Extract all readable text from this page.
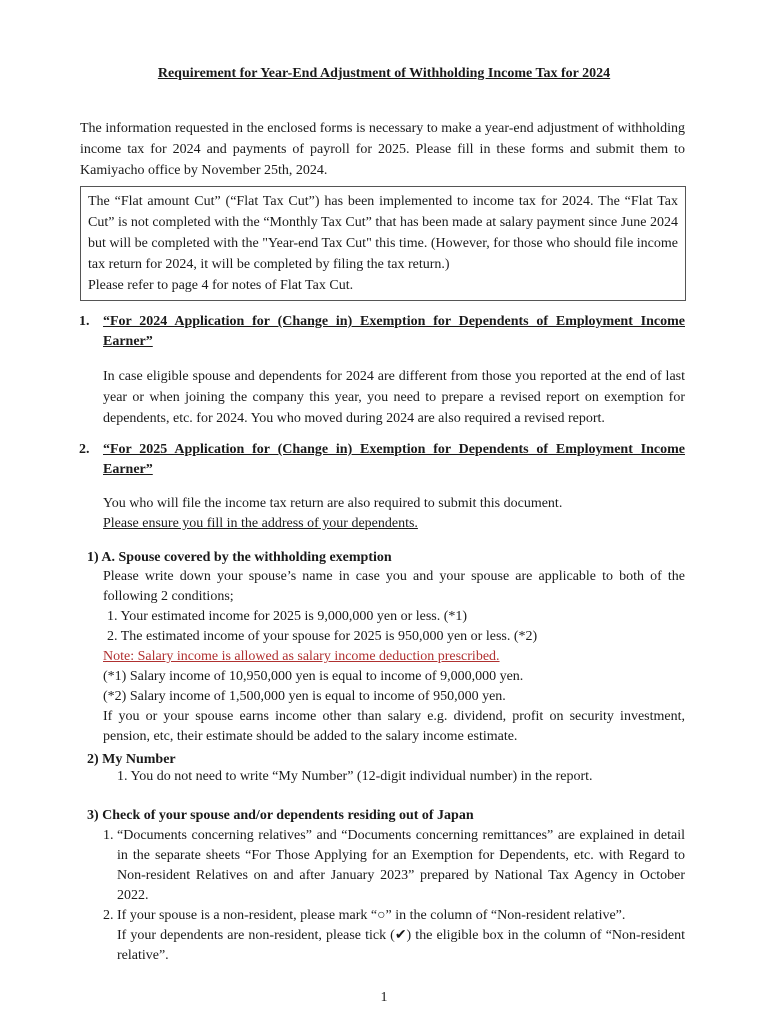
Requirement for Year-End Adjustment of Withholding Income Tax for 2024
The information requested in the enclosed forms is necessary to make a year-end adjustment of withholding income tax for 2024 and payments of payroll for 2025. Please fill in these forms and submit them to Kamiyacho office by November 25th, 2024.
The “Flat amount Cut” (“Flat Tax Cut”) has been implemented to income tax for 2024. The “Flat Tax Cut” is not completed with the “Monthly Tax Cut” that has been made at salary payment since June 2024 but will be completed with the "Year-end Tax Cut" this time. (However, for those who should file income tax return for 2024, it will be completed by filing the tax return.)
Please refer to page 4 for notes of Flat Tax Cut.
1. “For 2024 Application for (Change in) Exemption for Dependents of Employment Income Earner”
In case eligible spouse and dependents for 2024 are different from those you reported at the end of last year or when joining the company this year, you need to prepare a revised report on exemption for dependents, etc. for 2024. You who moved during 2024 are also required a revised report.
2. “For 2025 Application for (Change in) Exemption for Dependents of Employment Income Earner”
You who will file the income tax return are also required to submit this document.
Please ensure you fill in the address of your dependents.
1) A. Spouse covered by the withholding exemption
Please write down your spouse’s name in case you and your spouse are applicable to both of the following 2 conditions;
1. Your estimated income for 2025 is 9,000,000 yen or less. (*1)
2. The estimated income of your spouse for 2025 is 950,000 yen or less. (*2)
Note: Salary income is allowed as salary income deduction prescribed.
(*1) Salary income of 10,950,000 yen is equal to income of 9,000,000 yen.
(*2) Salary income of 1,500,000 yen is equal to income of 950,000 yen.
If you or your spouse earns income other than salary e.g. dividend, profit on security investment, pension, etc, their estimate should be added to the salary income estimate.
2) My Number
1. You do not need to write “My Number” (12-digit individual number) in the report.
3) Check of your spouse and/or dependents residing out of Japan
1. “Documents concerning relatives” and “Documents concerning remittances” are explained in detail in the separate sheets “For Those Applying for an Exemption for Dependents, etc. with Regard to Non-resident Relatives on and after January 2023” prepared by National Tax Agency in October 2022.
2. If your spouse is a non-resident, please mark “○” in the column of “Non-resident relative”.
If your dependents are non-resident, please tick (✔) the eligible box in the column of “Non-resident relative”.
1
